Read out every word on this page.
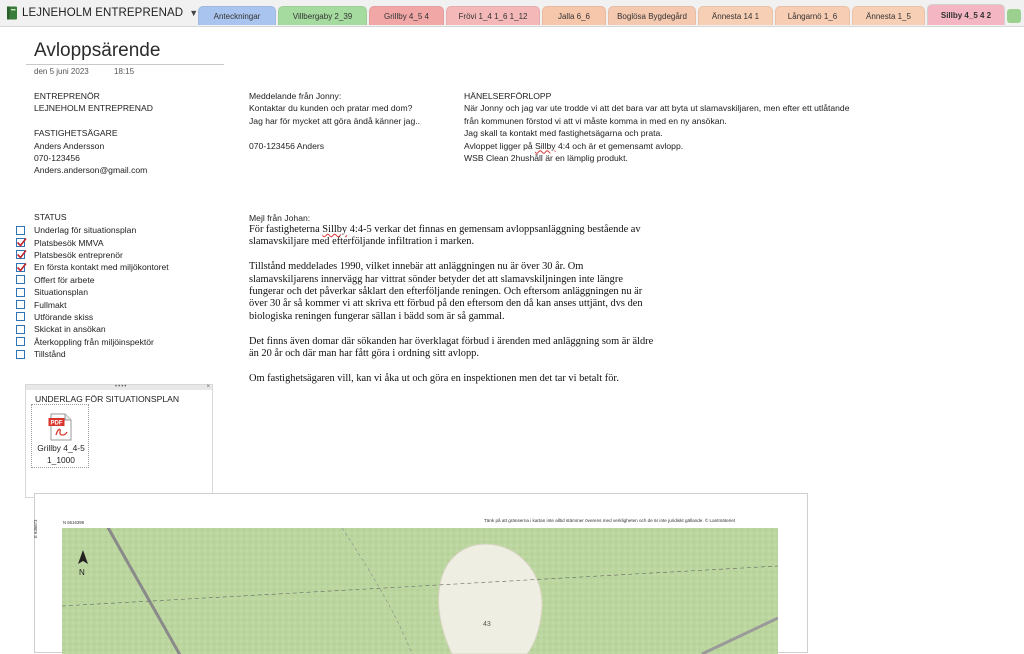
LEJNEHOLM ENTREPRENAD ▼	Anteckningar	Villbergaby 2_39	Grillby 4_5 4	Frövi 1_4 1_6 1_12	Jalla 6_6	Boglösa Bygdegård	Ännesta 14 1	Långarnö 1_6	Ännesta 1_5	Sillby 4_5 4 2
Avloppsärende
den 5 juni 2023	18:15
ENTREPRENÖR
LEJNEHOLM ENTREPRENAD
FASTIGHETSÄGARE
Anders Andersson
070-123456
Anders.anderson@gmail.com
Meddelande från Jonny:
Kontaktar du kunden och pratar med dom?
Jag har för mycket att göra ändå känner jag..
070-123456 Anders
HÄNELSERFÖRLOPP
När Jonny och jag var ute trodde vi att det bara var att byta ut slamavskiljaren, men efter ett utlåtande
från kommunen förstod vi att vi måste komma in med en ny ansökan.
Jag skall ta kontakt med fastighetsägarna och prata.
Avloppet ligger på Sillby 4:4 och är et gemensamt avlopp.
WSB Clean 2hushåll är en lämplig produkt.
STATUS
Underlag för situationsplan
Platsbesök MMVA
Platsbesök entreprenör
En första kontakt med miljökontoret
Offert för arbete
Situationsplan
Fullmakt
Utförande skiss
Skickat in ansökan
Återkoppling från miljöinspektör
Tillstånd
Mejl från Johan:
För fastigheterna Sillby 4:4-5 verkar det finnas en gemensam avloppsanläggning bestående av
slamavskiljare med efterföljande infiltration i marken.
Tillstånd meddelades 1990, vilket innebär att anläggningen nu är över 30 år. Om
slamavskiljarens innervägg har vittrat sönder betyder det att slamavskiljningen inte längre
fungerar och det påverkar såklart den efterföljande reningen. Och eftersom anläggningen nu är
över 30 år så kommer vi att skriva ett förbud på den eftersom den då kan anses uttjänt, dvs den
biologiska reningen fungerar sällan i bädd som är så gammal.
Det finns även domar där sökanden har överklagat förbud i ärenden med anläggning som är äldre
än 20 år och där man har fått göra i ordning sitt avlopp.
Om fastighetsägaren vill, kan vi åka ut och göra en inspektionen men det tar vi betalt för.
••••	×
UNDERLAG FÖR SITUATIONSPLAN
PDF
Grillby 4_4-5
1_1000
N 6616398
E 636873	Tänk på att gränserna i kartan inte alltid stämmer överens med verkligheten och de är inte juridiskt gällande. © Lantmäteriet
N
43
